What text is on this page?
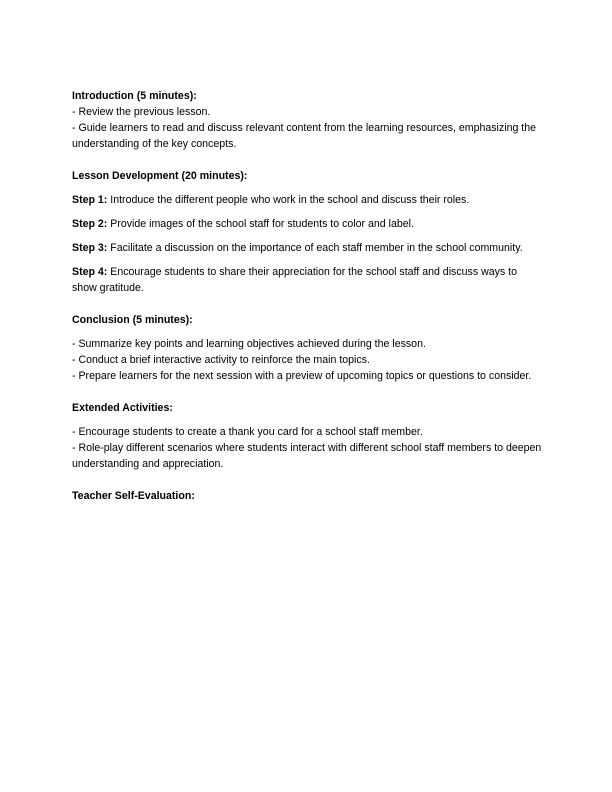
Introduction (5 minutes):

- Review the previous lesson.

- Guide learners to read and discuss relevant content from the learning resources, emphasizing the understanding of the key concepts.

Lesson Development (20 minutes):

Step 1: Introduce the different people who work in the school and discuss their roles.

Step 2: Provide images of the school staff for students to color and label.

Step 3: Facilitate a discussion on the importance of each staff member in the school community.

Step 4: Encourage students to share their appreciation for the school staff and discuss ways to show gratitude.

Conclusion (5 minutes):

- Summarize key points and learning objectives achieved during the lesson.

- Conduct a brief interactive activity to reinforce the main topics.

- Prepare learners for the next session with a preview of upcoming topics or questions to consider.

Extended Activities:

- Encourage students to create a thank you card for a school staff member.

- Role-play different scenarios where students interact with different school staff members to deepen understanding and appreciation.

Teacher Self-Evaluation:
